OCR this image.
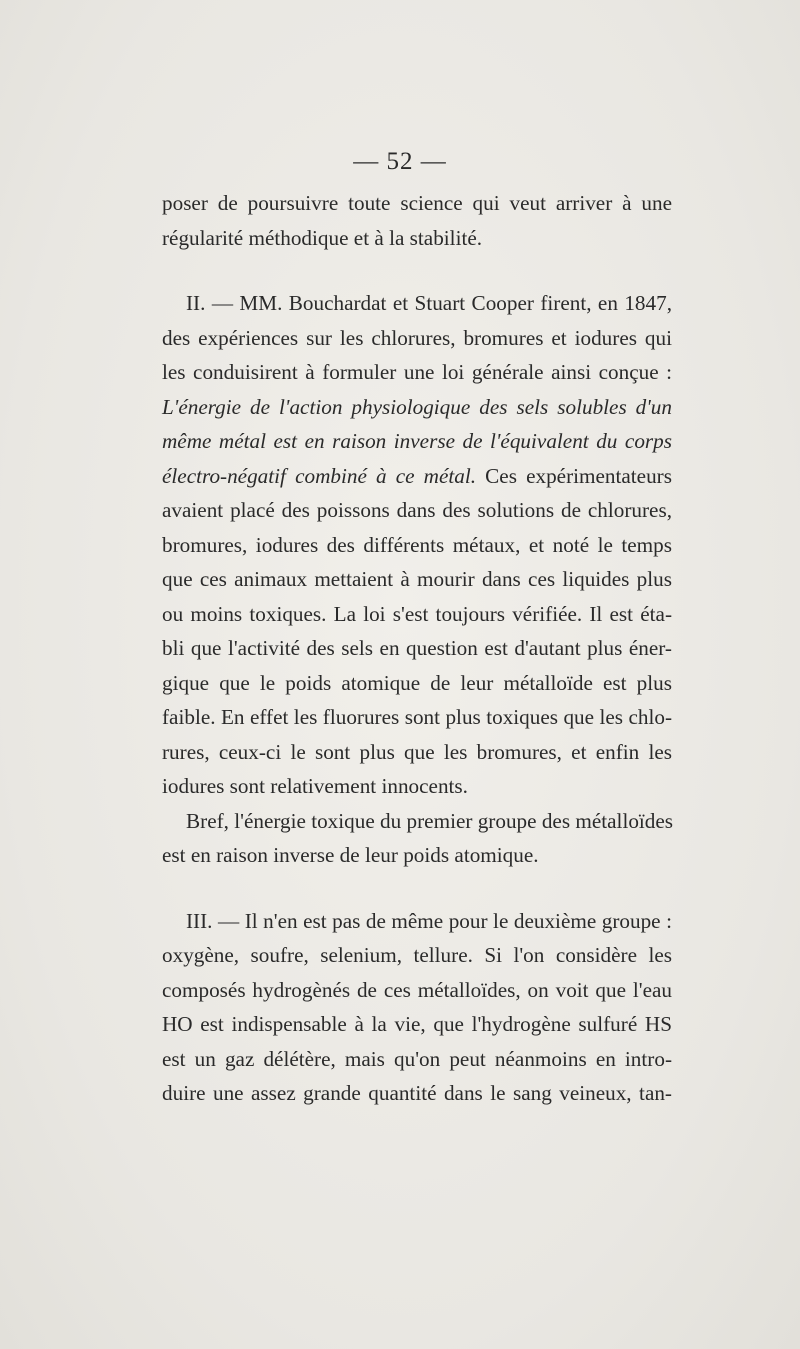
— 52 —
poser de poursuivre toute science qui veut arriver à une
régularité méthodique et à la stabilité.
II. — MM. Bouchardat et Stuart Cooper firent, en 1847,
des expériences sur les chlorures, bromures et iodures qui
les conduisirent à formuler une loi générale ainsi conçue :
L'énergie de l'action physiologique des sels solubles d'un
même métal est en raison inverse de l'équivalent du corps
électro-négatif combiné à ce métal. Ces expérimentateurs
avaient placé des poissons dans des solutions de chlorures,
bromures, iodures des différents métaux, et noté le temps
que ces animaux mettaient à mourir dans ces liquides plus
ou moins toxiques. La loi s'est toujours vérifiée. Il est éta-
bli que l'activité des sels en question est d'autant plus éner-
gique que le poids atomique de leur métalloïde est plus
faible. En effet les fluorures sont plus toxiques que les chlo-
rures, ceux-ci le sont plus que les bromures, et enfin les
iodures sont relativement innocents.
Bref, l'énergie toxique du premier groupe des métalloïdes
est en raison inverse de leur poids atomique.
III. — Il n'en est pas de même pour le deuxième groupe :
oxygène, soufre, selenium, tellure. Si l'on considère les
composés hydrogènés de ces métalloïdes, on voit que l'eau
HO est indispensable à la vie, que l'hydrogène sulfuré HS
est un gaz délétère, mais qu'on peut néanmoins en intro-
duire une assez grande quantité dans le sang veineux, tan-
